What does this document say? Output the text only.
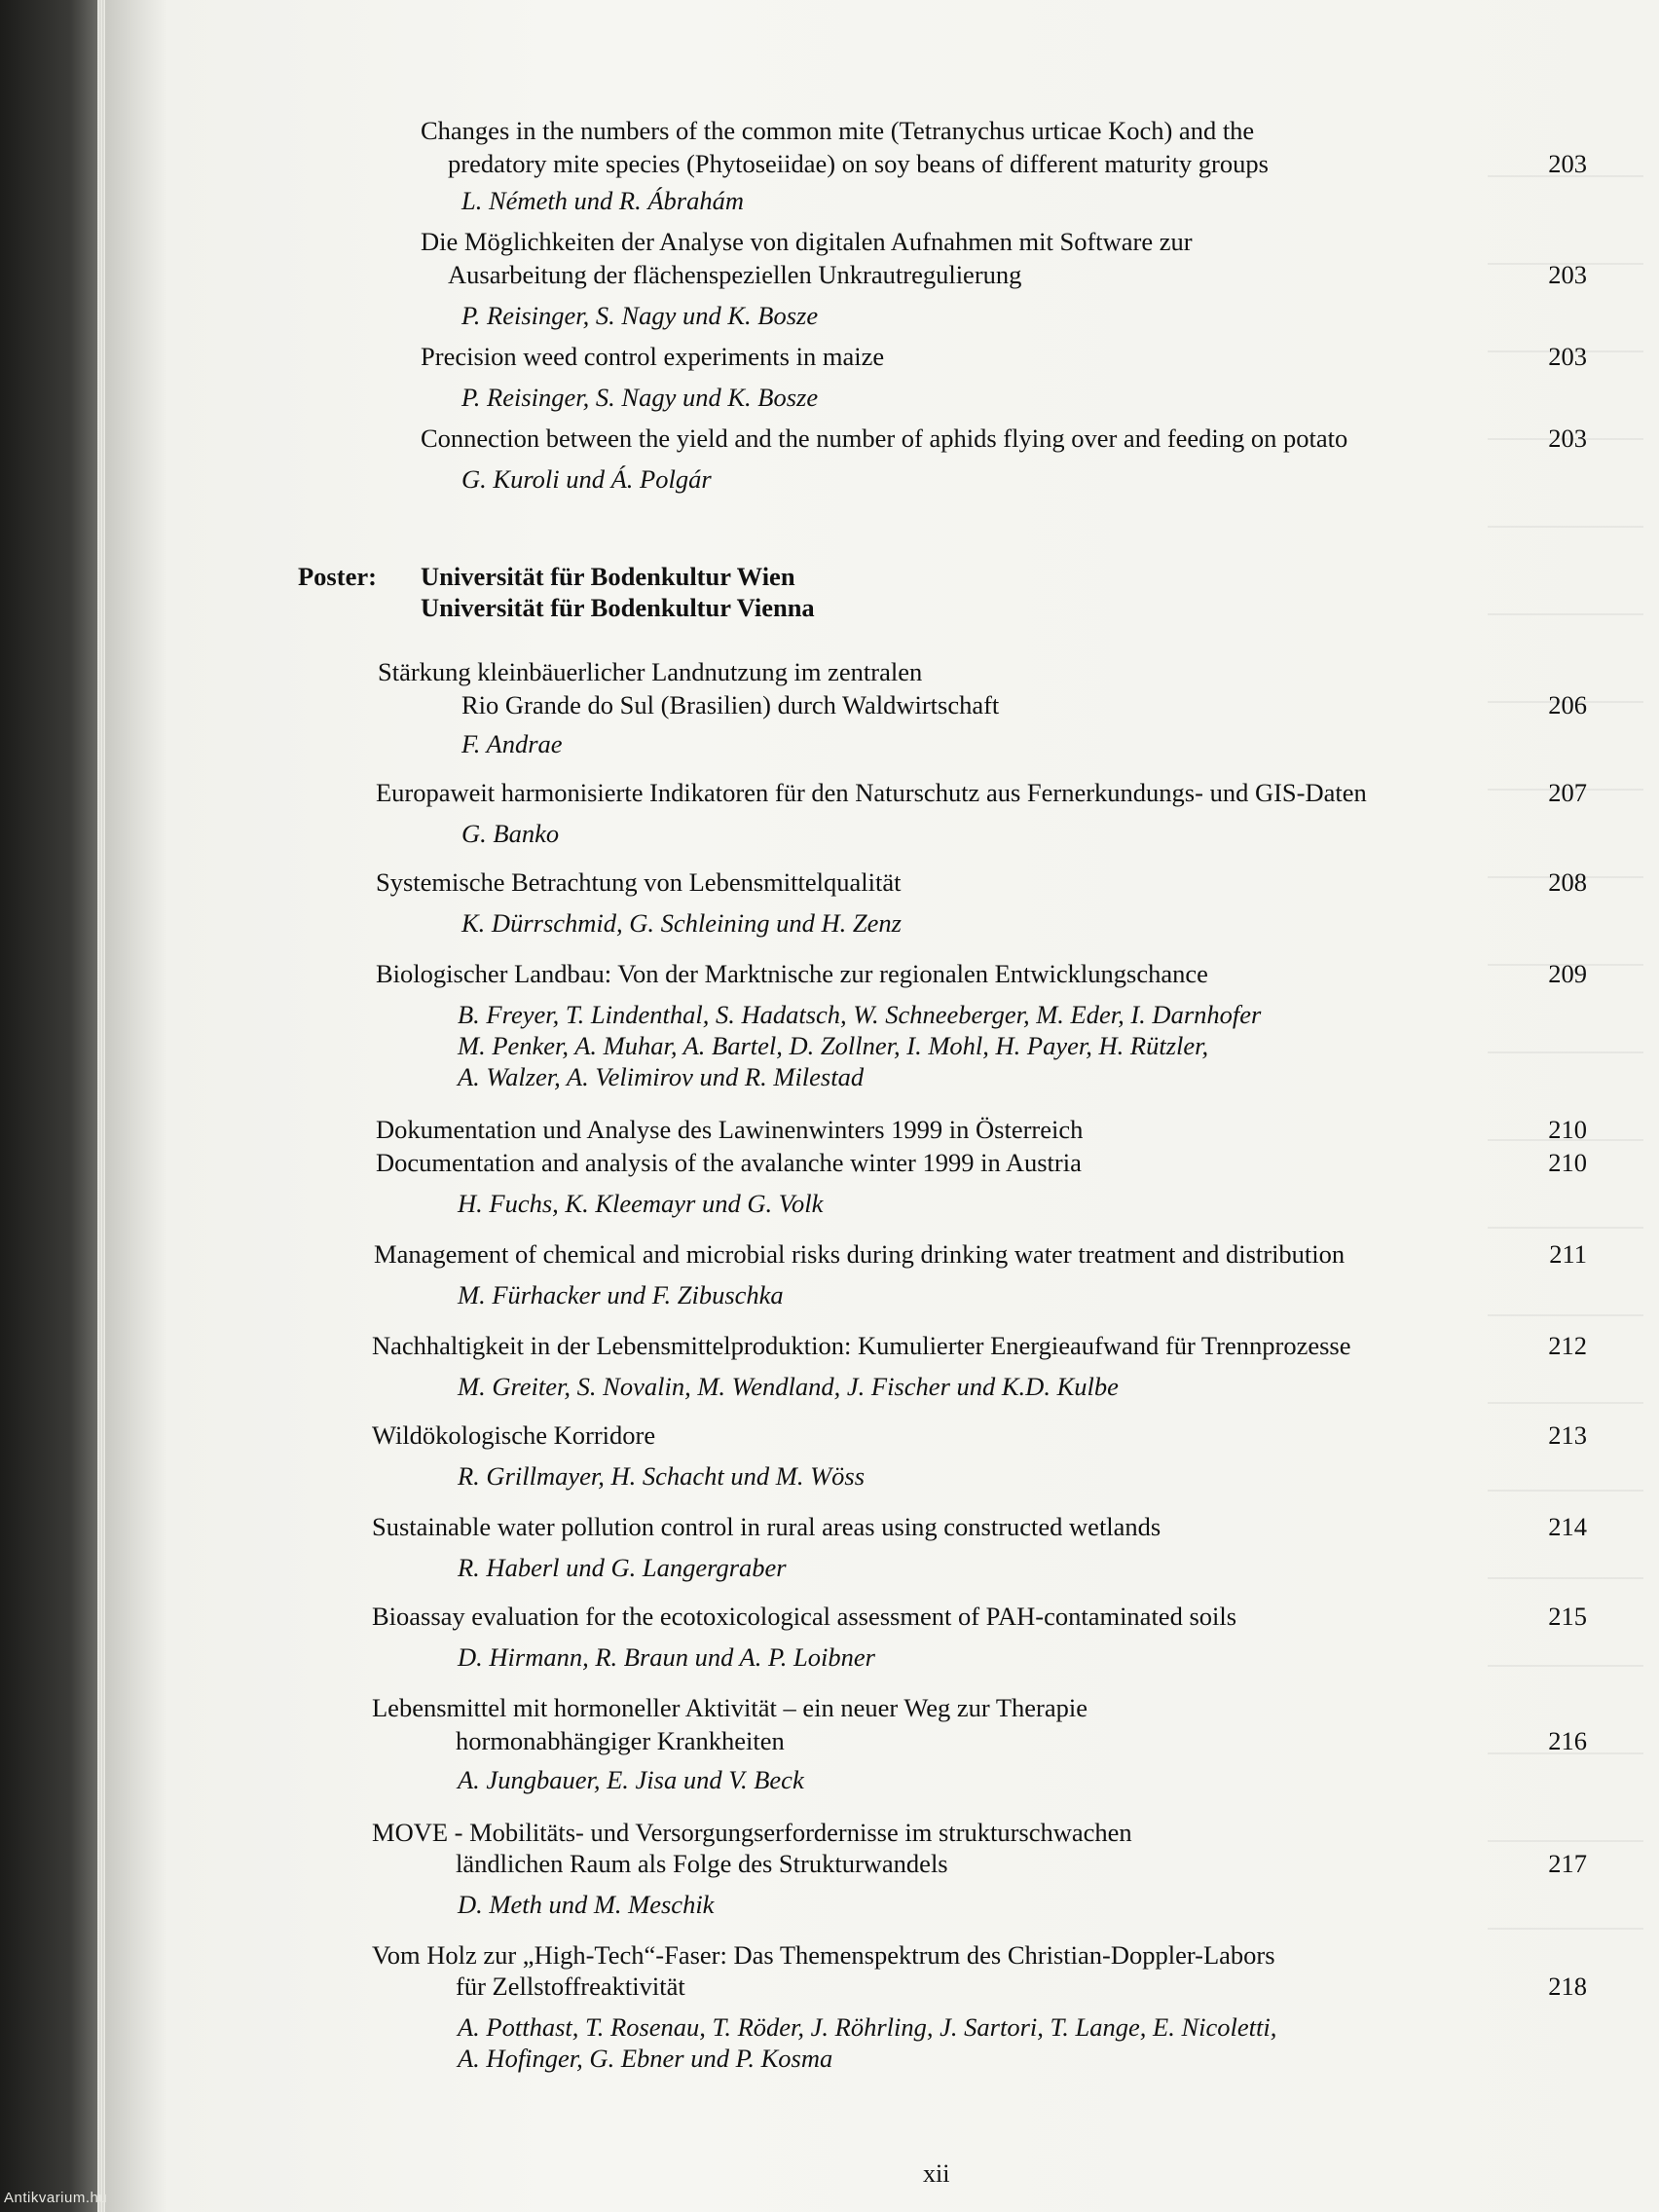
Changes in the numbers of the common mite (Tetranychus urticae Koch) and the
predatory mite species (Phytoseiidae) on soy beans of different maturity groups	203
L. Németh und R. Ábrahám
Die Möglichkeiten der Analyse von digitalen Aufnahmen mit Software zur
Ausarbeitung der flächenspeziellen Unkrautregulierung	203
P. Reisinger, S. Nagy und K. Bosze
Precision weed control experiments in maize	203
P. Reisinger, S. Nagy und K. Bosze
Connection between the yield and the number of aphids flying over and feeding on potato	203
G. Kuroli und Á. Polgár
Poster: Universität für Bodenkultur Wien
Universität für Bodenkultur Vienna
Stärkung kleinbäuerlicher Landnutzung im zentralen
Rio Grande do Sul (Brasilien) durch Waldwirtschaft	206
F. Andrae
Europaweit harmonisierte Indikatoren für den Naturschutz aus Fernerkundungs- und GIS-Daten	207
G. Banko
Systemische Betrachtung von Lebensmittelqualität	208
K. Dürrschmid, G. Schleining und H. Zenz
Biologischer Landbau: Von der Marktnische zur regionalen Entwicklungschance	209
B. Freyer, T. Lindenthal, S. Hadatsch, W. Schneeberger, M. Eder, I. Darnhofer
M. Penker, A. Muhar, A. Bartel, D. Zollner, I. Mohl, H. Payer, H. Rützler,
A. Walzer, A. Velimirov und R. Milestad
Dokumentation und Analyse des Lawinenwinters 1999 in Österreich	210
Documentation and analysis of the avalanche winter 1999 in Austria	210
H. Fuchs, K. Kleemayr und G. Volk
Management of chemical and microbial risks during drinking water treatment and distribution	211
M. Fürhacker und F. Zibuschka
Nachhaltigkeit in der Lebensmittelproduktion: Kumulierter Energieaufwand für Trennprozesse	212
M. Greiter, S. Novalin, M. Wendland, J. Fischer und K.D. Kulbe
Wildökologische Korridore	213
R. Grillmayer, H. Schacht und M. Wöss
Sustainable water pollution control in rural areas using constructed wetlands	214
R. Haberl und G. Langergraber
Bioassay evaluation for the ecotoxicological assessment of PAH-contaminated soils	215
D. Hirmann, R. Braun und A. P. Loibner
Lebensmittel mit hormoneller Aktivität – ein neuer Weg zur Therapie
hormonabhängiger Krankheiten	216
A. Jungbauer, E. Jisa und V. Beck
MOVE - Mobilitäts- und Versorgungserfordernisse im strukturschwachen
ländlichen Raum als Folge des Strukturwandels	217
D. Meth und M. Meschik
Vom Holz zur „High-Tech“-Faser: Das Themenspektrum des Christian-Doppler-Labors
für Zellstoffreaktivität	218
A. Potthast, T. Rosenau, T. Röder, J. Röhrling, J. Sartori, T. Lange, E. Nicoletti,
A. Hofinger, G. Ebner und P. Kosma
xii
Antikvarium.hu
